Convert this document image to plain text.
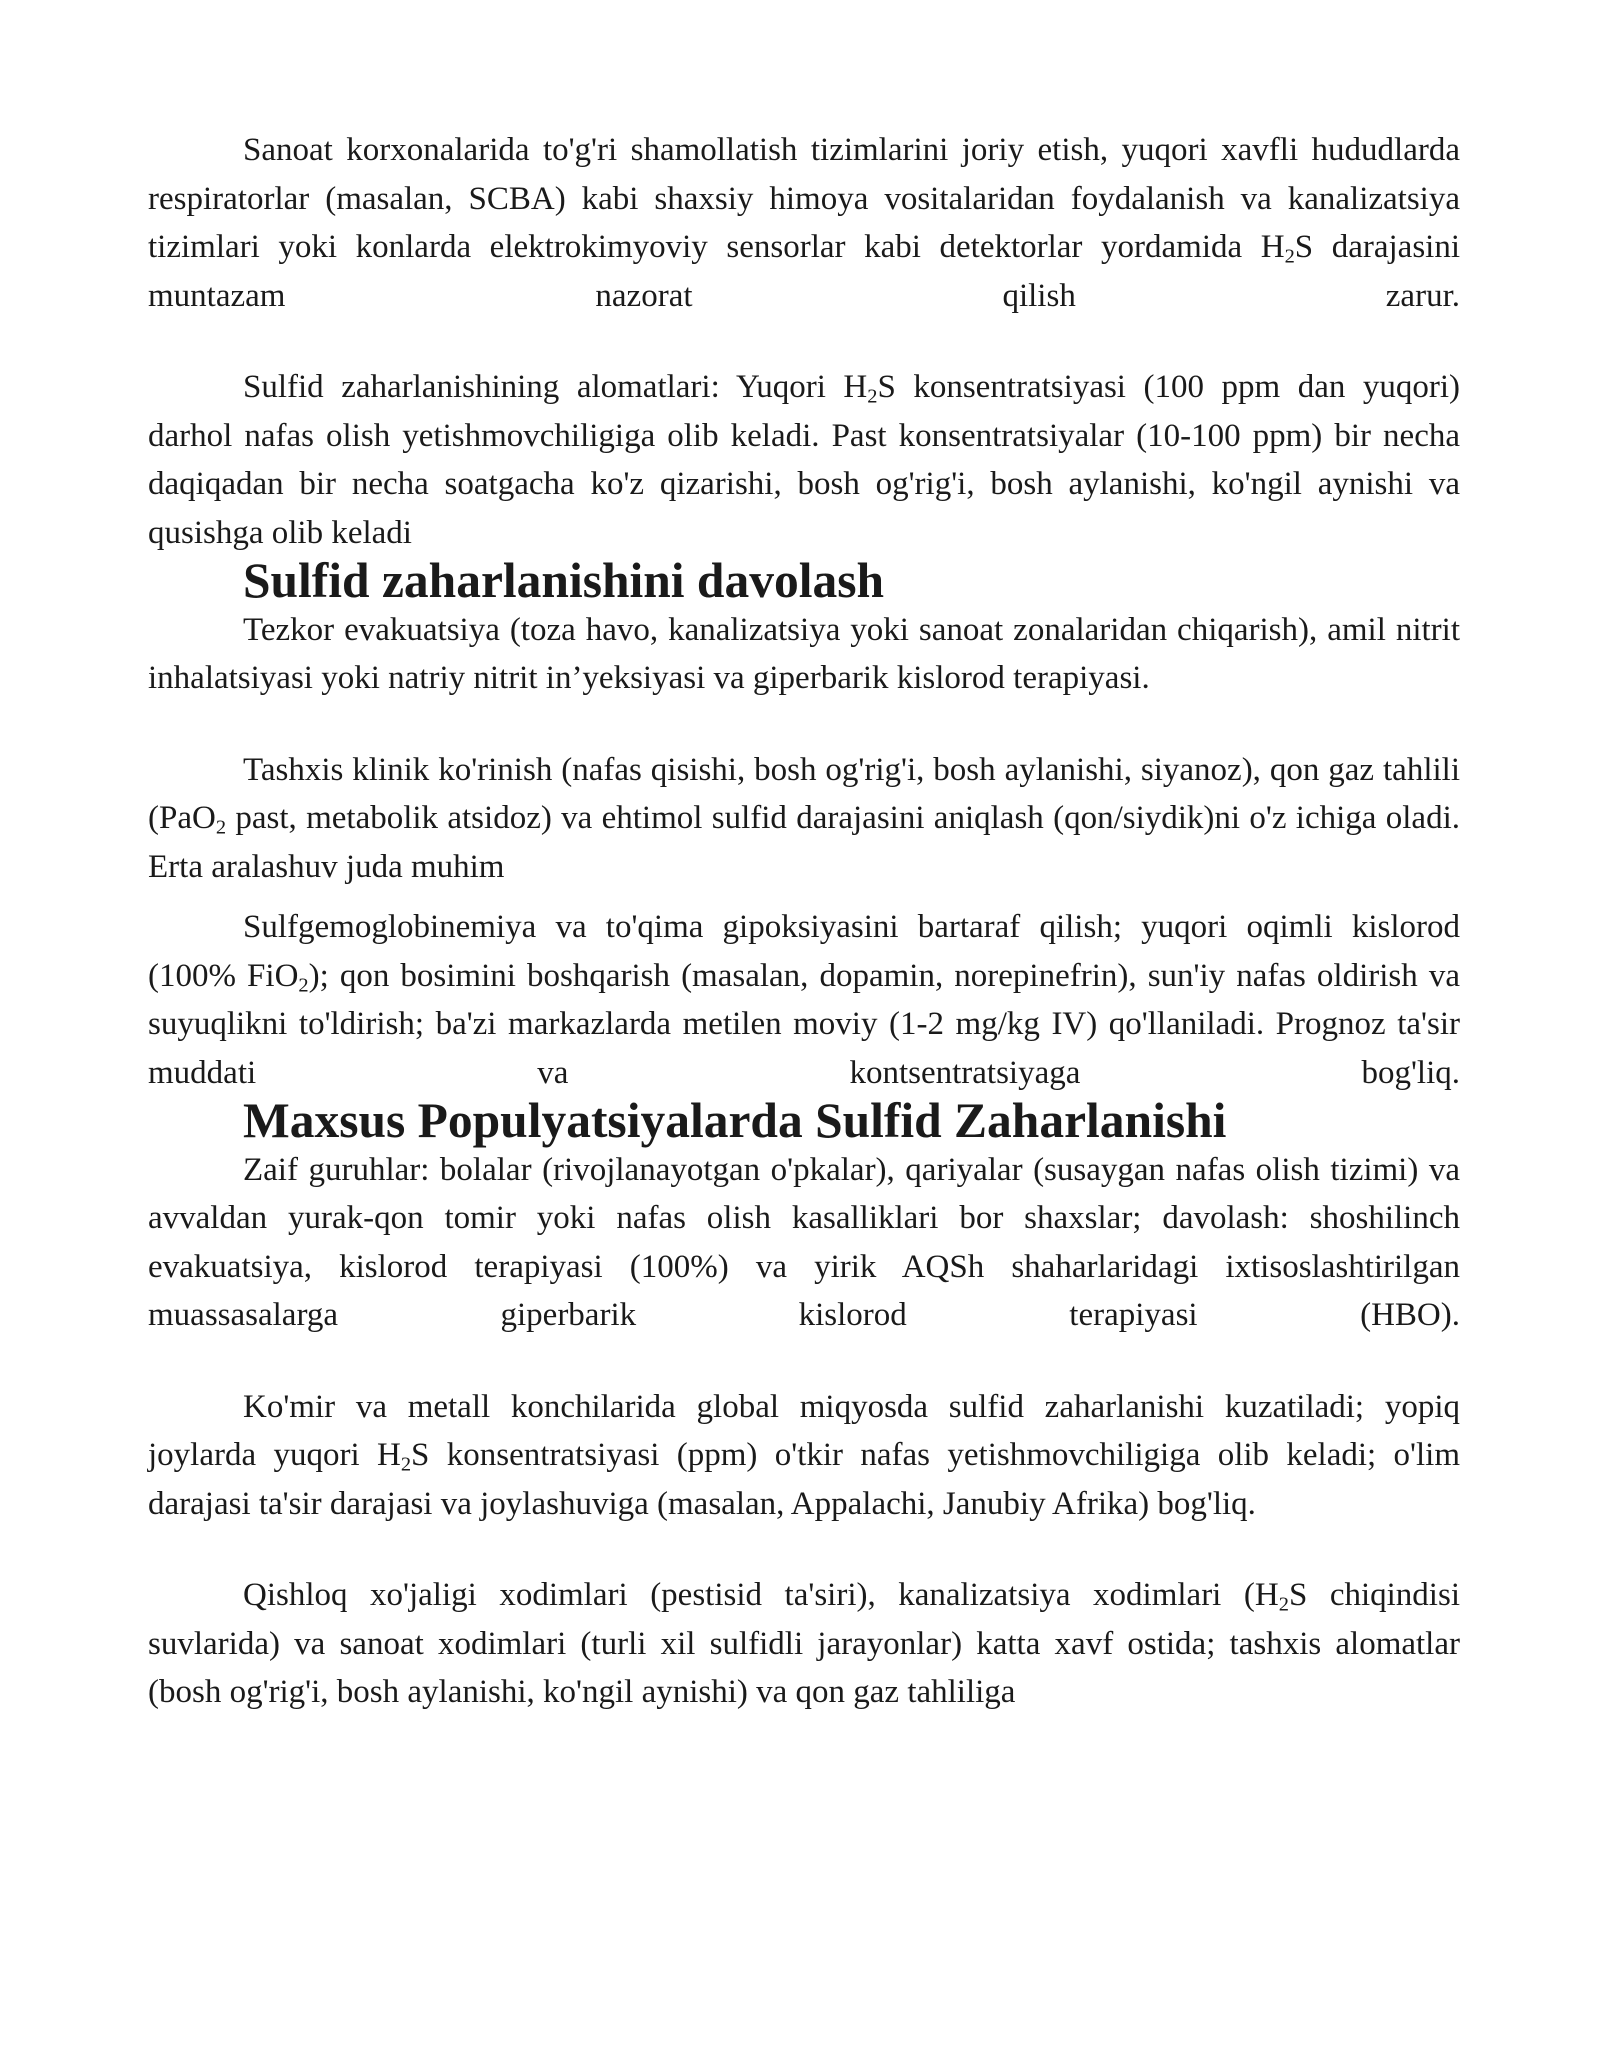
Sanoat korxonalarida to'g'ri shamollatish tizimlarini joriy etish, yuqori xavfli hududlarda respiratorlar (masalan, SCBA) kabi shaxsiy himoya vositalaridan foydalanish va kanalizatsiya tizimlari yoki konlarda elektrokimyoviy sensorlar kabi detektorlar yordamida $H_2S$ darajasini muntazam nazorat qilish zarur.

Sulfid zaharlanishining alomatlari: Yuqori $H_2S$ konsentratsiyasi (100 ppm dan yuqori) darhol nafas olish yetishmovchiligiga olib keladi. Past konsentratsiyalar (10-100 ppm) bir necha daqiqadan bir necha soatgacha ko'z qizarishi, bosh og'rig'i, bosh aylanishi, ko'ngil aynishi va qusishga olib keladi

Sulfid zaharlanishini davolash

Tezkor evakuatsiya (toza havo, kanalizatsiya yoki sanoat zonalaridan chiqarish), amil nitrit inhalatsiyasi yoki natriy nitrit in’yeksiyasi va giperbarik kislorod terapiyasi.

Tashxis klinik ko'rinish (nafas qisishi, bosh og'rig'i, bosh aylanishi, siyanoz), qon gaz tahlili (PaO$_2$ past, metabolik atsidoz) va ehtimol sulfid darajasini aniqlash (qon/siydik)ni o'z ichiga oladi. Erta aralashuv juda muhim

Sulfgemoglobinemiya va to'qima gipoksiyasini bartaraf qilish; yuqori oqimli kislorod (100% FiO$_2$); qon bosimini boshqarish (masalan, dopamin, norepinefrin), sun'iy nafas oldirish va suyuqlikni to'ldirish; ba'zi markazlarda metilen moviy (1-2 mg/kg IV) qo'llaniladi. Prognoz ta'sir muddati va kontsentratsiyaga bog'liq.

Maxsus Populyatsiyalarda Sulfid Zaharlanishi

Zaif guruhlar: bolalar (rivojlanayotgan o'pkalar), qariyalar (susaygan nafas olish tizimi) va avvaldan yurak-qon tomir yoki nafas olish kasalliklari bor shaxslar; davolash: shoshilinch evakuatsiya, kislorod terapiyasi (100%) va yirik AQSh shaharlaridagi ixtisoslashtirilgan muassasalarga giperbarik kislorod terapiyasi (HBO).

Ko'mir va metall konchilarida global miqyosda sulfid zaharlanishi kuzatiladi; yopiq joylarda yuqori $H_2S$ konsentratsiyasi (ppm) o'tkir nafas yetishmovchiligiga olib keladi; o'lim darajasi ta'sir darajasi va joylashuviga (masalan, Appalachi, Janubiy Afrika) bog'liq.

Qishloq xo'jaligi xodimlari (pestisid ta'siri), kanalizatsiya xodimlari ($H_2S$ chiqindisi suvlarida) va sanoat xodimlari (turli xil sulfidli jarayonlar) katta xavf ostida; tashxis alomatlar (bosh og'rig'i, bosh aylanishi, ko'ngil aynishi) va qon gaz tahliliga
